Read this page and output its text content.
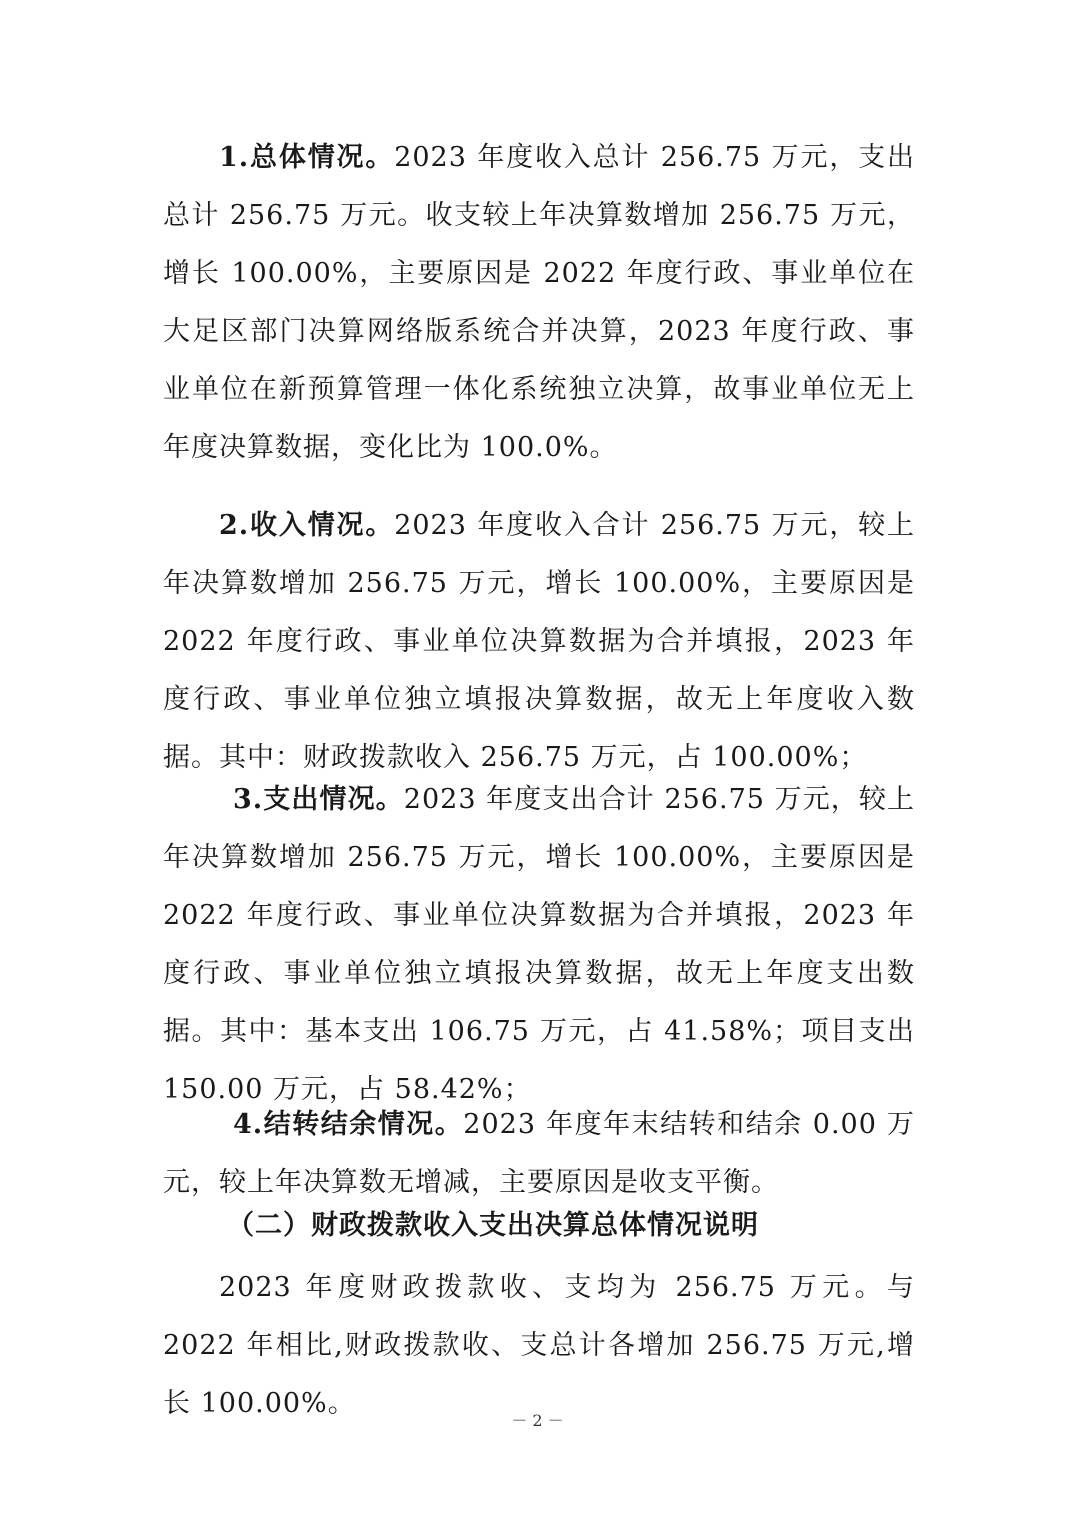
1.总体情况。2023 年度收入总计 256.75 万元，支出总计 256.75 万元。收支较上年决算数增加 256.75 万元，增长 100.00%，主要原因是 2022 年度行政、事业单位在大足区部门决算网络版系统合并决算，2023 年度行政、事业单位在新预算管理一体化系统独立决算，故事业单位无上年度决算数据，变化比为 100.0%。

2.收入情况。2023 年度收入合计 256.75 万元，较上年决算数增加 256.75 万元，增长 100.00%，主要原因是 2022 年度行政、事业单位决算数据为合并填报，2023 年度行政、事业单位独立填报决算数据，故无上年度收入数据。其中：财政拨款收入 256.75 万元，占 100.00%；

3.支出情况。2023 年度支出合计 256.75 万元，较上年决算数增加 256.75 万元，增长 100.00%，主要原因是 2022 年度行政、事业单位决算数据为合并填报，2023 年度行政、事业单位独立填报决算数据，故无上年度支出数据。其中：基本支出 106.75 万元，占 41.58%；项目支出 150.00 万元，占 58.42%；

4.结转结余情况。2023 年度年末结转和结余 0.00 万元，较上年决算数无增减，主要原因是收支平衡。

（二）财政拨款收入支出决算总体情况说明

2023 年度财政拨款收、支均为 256.75 万元。与 2022 年相比,财政拨款收、支总计各增加 256.75 万元,增长 100.00%。

－ 2 －
